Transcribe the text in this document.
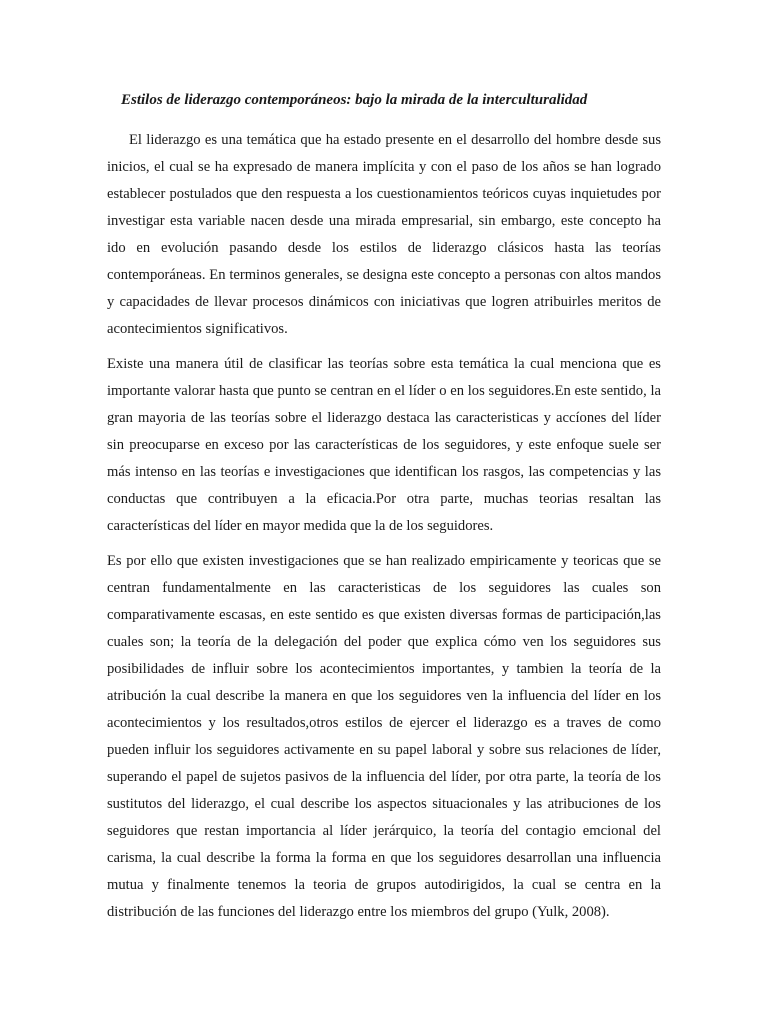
Estilos de liderazgo contemporáneos: bajo la mirada de la interculturalidad

El liderazgo es una temática que ha estado presente en el desarrollo del hombre desde sus inicios, el cual se ha expresado de manera implícita y con el paso de los años se han logrado establecer postulados que den respuesta a los cuestionamientos teóricos cuyas inquietudes por investigar esta variable nacen desde una mirada empresarial, sin embargo, este concepto ha ido en evolución pasando desde los estilos de liderazgo clásicos hasta las teorías contemporáneas. En terminos generales, se designa este concepto a personas con altos mandos y capacidades de llevar procesos dinámicos con iniciativas que logren atribuirles meritos de acontecimientos significativos.

Existe una manera útil de clasificar las teorías sobre esta temática la cual menciona que es importante valorar hasta que punto se centran en el líder o en los seguidores.En este sentido, la gran mayoria de las teorías sobre el liderazgo destaca las caracteristicas y accíones del líder sin preocuparse en exceso por las características de los seguidores, y este enfoque suele ser más intenso en las teorías e investigaciones que identifican los rasgos, las competencias y las conductas que contribuyen a la eficacia.Por otra parte, muchas teorias resaltan las características del líder en mayor medida que la de los seguidores.

Es por ello que existen investigaciones que se han realizado empiricamente y teoricas que se centran fundamentalmente en las caracteristicas de los seguidores las cuales son comparativamente escasas, en este sentido es que existen diversas formas de participación,las cuales son; la teoría de la delegación del poder que explica cómo ven los seguidores sus posibilidades de influir sobre los acontecimientos importantes, y tambien la teoría de la atribución la cual describe la manera en que los seguidores ven la influencia del líder en los acontecimientos y los resultados,otros estilos de ejercer el liderazgo es a traves de como pueden influir los seguidores activamente en su papel laboral y sobre sus relaciones de líder, superando el papel de sujetos pasivos de la influencia del líder, por otra parte, la teoría de los sustitutos del liderazgo, el cual describe los aspectos situacionales y las atribuciones de los seguidores que restan importancia al líder jerárquico, la teoría del contagio emcional del carisma, la cual describe la forma la forma en que los seguidores desarrollan una influencia mutua y finalmente tenemos la teoria de grupos autodirigidos, la cual se centra en la distribución de las funciones del liderazgo entre los miembros del grupo (Yulk, 2008).
